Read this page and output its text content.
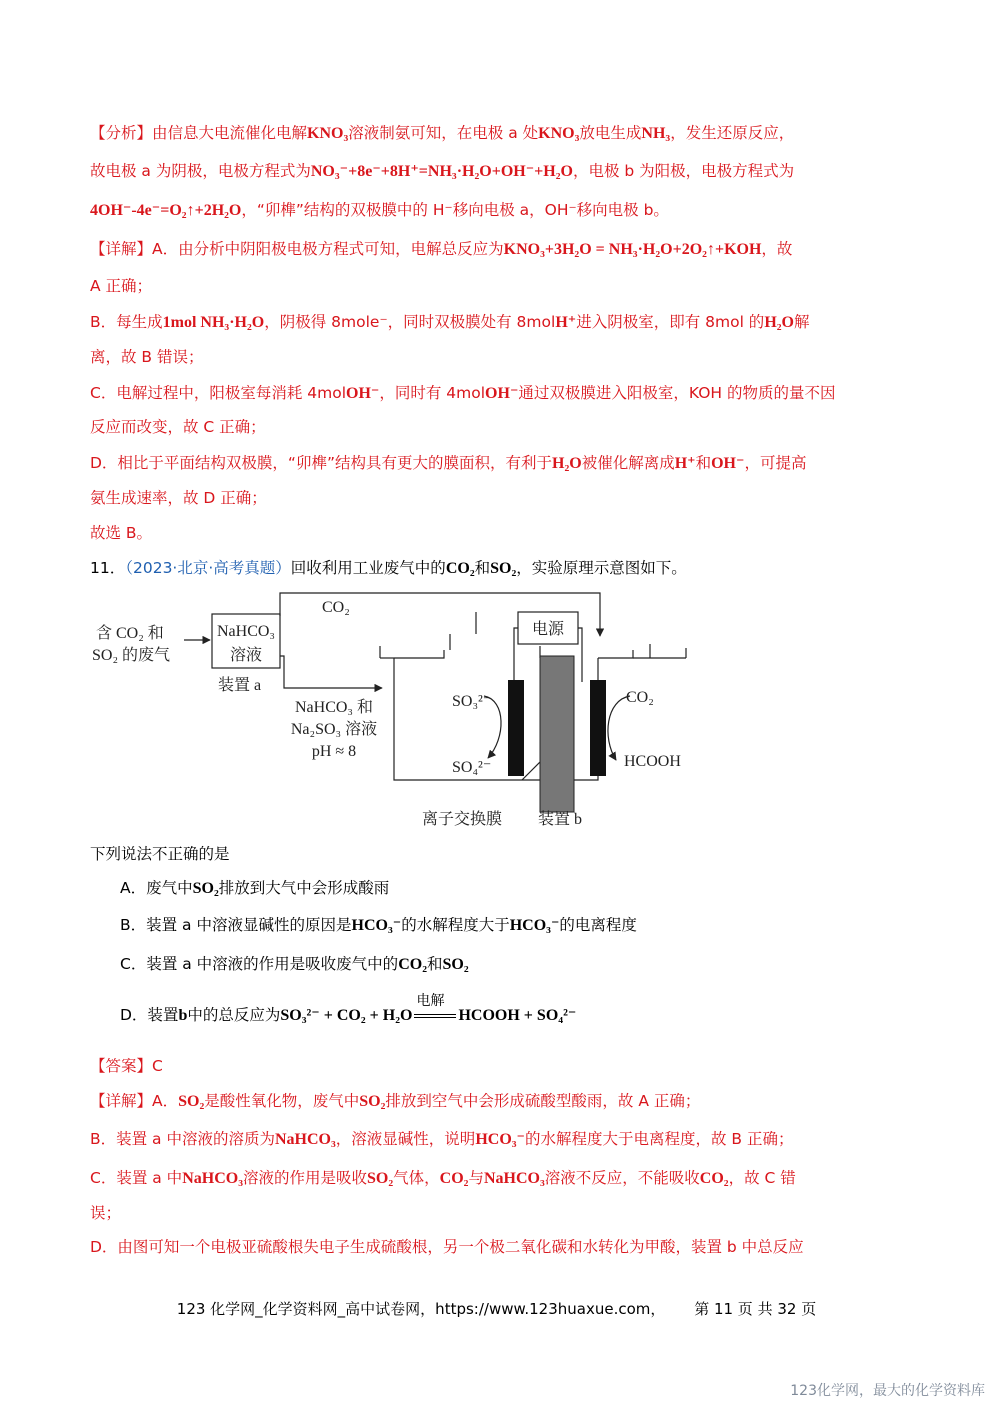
【分析】由信息大电流催化电解KNO₃溶液制氨可知，在电极 a 处KNO₃放电生成NH₃，发生还原反应，
故电极 a 为阴极，电极方程式为NO₃⁻+8e⁻+8H⁺=NH₃·H₂O+OH⁻+H₂O，电极 b 为阳极，电极方程式为
4OH⁻-4e⁻=O₂↑+2H₂O，“卯榫”结构的双极膜中的 H⁻移向电极 a，OH⁻移向电极 b。
【详解】A．由分析中阴阳极电极方程式可知，电解总反应为KNO₃+3H₂O = NH₃·H₂O+2O₂↑+KOH，故
A 正确；
B．每生成1mol NH₃·H₂O，阴极得 8mole⁻，同时双极膜处有 8molH⁺进入阴极室，即有 8mol 的H₂O解
离，故 B 错误；
C．电解过程中，阳极室每消耗 4molOH⁻，同时有 4molOH⁻通过双极膜进入阳极室，KOH 的物质的量不因
反应而改变，故 C 正确；
D．相比于平面结构双极膜，“卯榫”结构具有更大的膜面积，有利于H₂O被催化解离成H⁺和OH⁻，可提高
氨生成速率，故 D 正确；
故选 B。
11．（2023·北京·高考真题）回收利用工业废气中的CO₂和SO₂，实验原理示意图如下。
CO₂
含 CO₂ 和
SO₂ 的废气
NaHCO₃
溶液
装置 a
NaHCO₃ 和
Na₂SO₃ 溶液
pH ≈ 8
电源
SO₃²⁻
SO₄²⁻
CO₂
HCOOH
离子交换膜 装置 b
下列说法不正确的是
A．废气中SO₂排放到大气中会形成酸雨
B．装置 a 中溶液显碱性的原因是HCO₃⁻的水解程度大于HCO₃⁻的电离程度
C．装置 a 中溶液的作用是吸收废气中的CO₂和SO₂
D．装置b中的总反应为SO₃²⁻ + CO₂ + H₂O
电解
HCOOH + SO₄²⁻
【答案】C
【详解】A．SO₂是酸性氧化物，废气中SO₂排放到空气中会形成硫酸型酸雨，故 A 正确；
B．装置 a 中溶液的溶质为NaHCO₃，溶液显碱性，说明HCO₃⁻的水解程度大于电离程度，故 B 正确；
C．装置 a 中NaHCO₃溶液的作用是吸收SO₂气体，CO₂与NaHCO₃溶液不反应，不能吸收CO₂，故 C 错
误；
D．由图可知一个电极亚硫酸根失电子生成硫酸根，另一个极二氧化碳和水转化为甲酸，装置 b 中总反应
123 化学网_化学资料网_高中试卷网，https://www.123huaxue.com， 第 11 页 共 32 页
123化学网，最大的化学资料库
